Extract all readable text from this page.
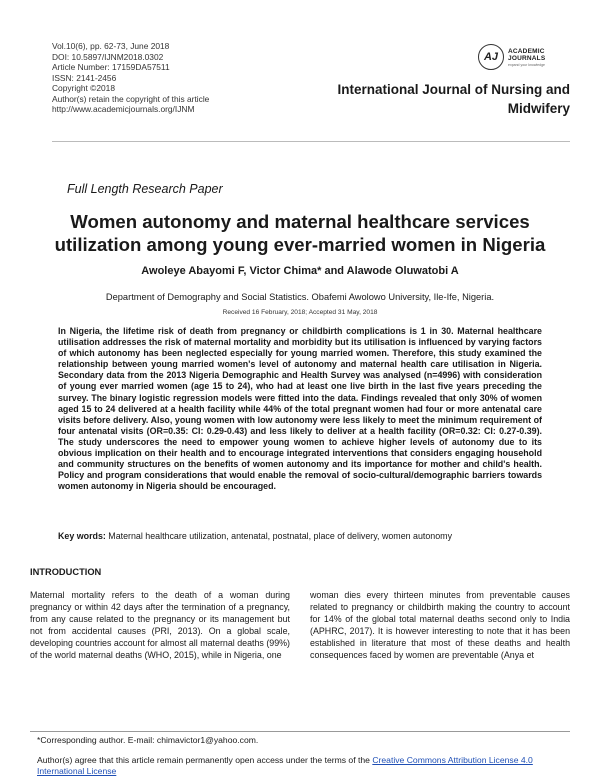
Vol.10(6), pp. 62-73, June 2018
DOI: 10.5897/IJNM2018.0302
Article Number: 17159DA57511
ISSN: 2141-2456
Copyright ©2018
Author(s) retain the copyright of this article
http://www.academicjournals.org/IJNM
AJ	ACADEMIC
JOURNALS
expand your knowledge
International Journal of Nursing and
Midwifery
Full Length Research Paper
Women autonomy and maternal healthcare services
utilization among young ever-married women in Nigeria
Awoleye Abayomi F, Victor Chima* and Alawode Oluwatobi A
Department of Demography and Social Statistics. Obafemi Awolowo University, Ile-Ife, Nigeria.
Received 16 February, 2018; Accepted 31 May, 2018
In Nigeria, the lifetime risk of death from pregnancy or childbirth complications is 1 in 30. Maternal healthcare utilisation addresses the risk of maternal mortality and morbidity but its utilisation is influenced by varying factors of which autonomy has been neglected especially for young married women. Therefore, this study examined the relationship between young married women's level of autonomy and maternal health care utilisation in Nigeria. Secondary data from the 2013 Nigeria Demographic and Health Survey was analysed (n=4996) with consideration of young ever married women (age 15 to 24), who had at least one live birth in the last five years preceding the survey. The binary logistic regression models were fitted into the data. Findings revealed that only 30% of women aged 15 to 24 delivered at a health facility while 44% of the total pregnant women had four or more antenatal care visits before delivery. Also, young women with low autonomy were less likely to meet the minimum requirement of four antenatal visits (OR=0.35: CI: 0.29-0.43) and less likely to deliver at a health facility (OR=0.32: CI: 0.27-0.39). The study underscores the need to empower young women to achieve higher levels of autonomy due to its obvious implication on their health and to encourage integrated interventions that considers engaging household and community structures on the benefits of women autonomy and its importance for mother and child's health. Policy and program considerations that would enable the removal of socio-cultural/demographic barriers towards women autonomy in Nigeria should be encouraged.
Key words: Maternal healthcare utilization, antenatal, postnatal, place of delivery, women autonomy
INTRODUCTION
Maternal mortality refers to the death of a woman during pregnancy or within 42 days after the termination of a pregnancy, from any cause related to the pregnancy or its management but not from accidental causes (PRI, 2013). On a global scale, developing countries account for almost all maternal deaths (99%) of the world maternal deaths (WHO, 2015), while in Nigeria, one
woman dies every thirteen minutes from preventable causes related to pregnancy or childbirth making the country to account for 14% of the global total maternal deaths second only to India (APHRC, 2017). It is however interesting to note that it has been established in literature that most of these deaths and health consequences faced by women are preventable (Anya et
*Corresponding author. E-mail: chimavictor1@yahoo.com.
Author(s) agree that this article remain permanently open access under the terms of the Creative Commons Attribution License 4.0 International License
